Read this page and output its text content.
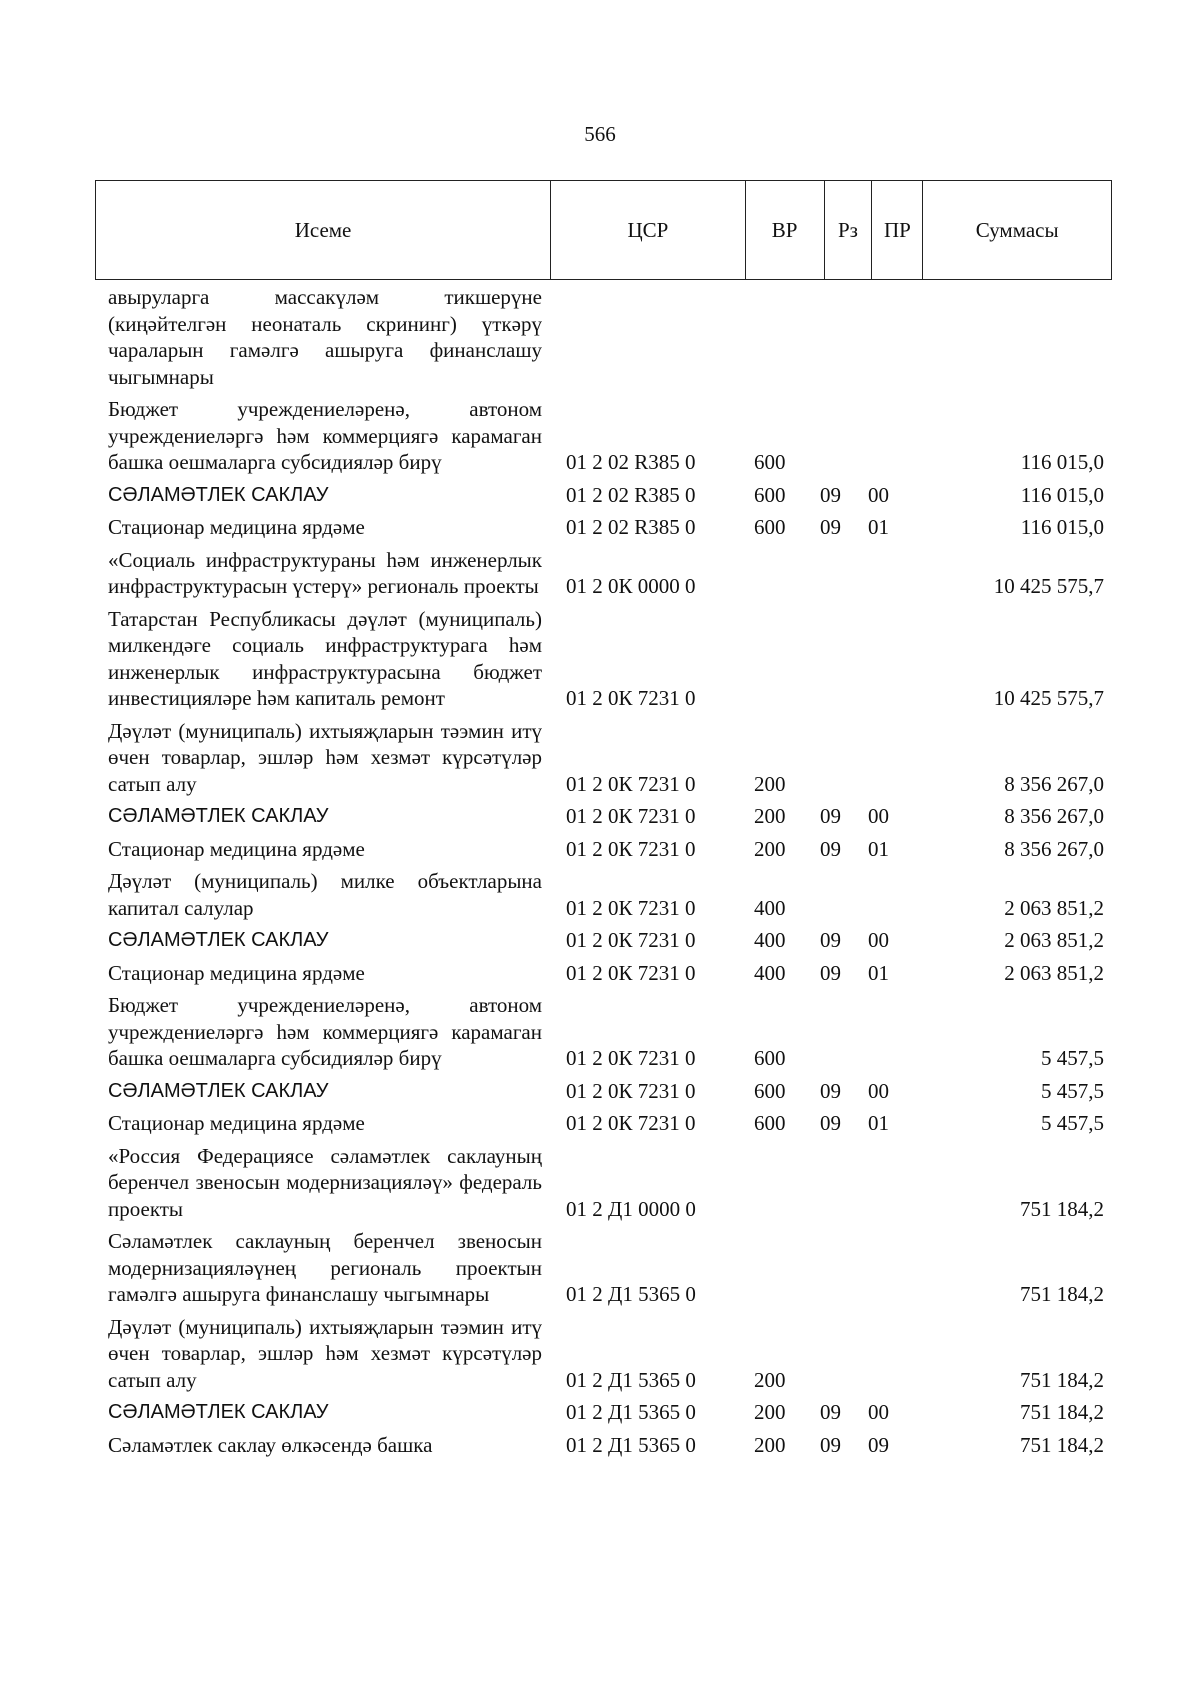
566
Исеме	ЦСР	ВР	Рз	ПР	Суммасы
авыруларга массакүләм тикшерүне (киңәйтелгән неонаталь скрининг) үткәрү чараларын гамәлгә ашыруга финанслашу чыгымнары
Бюджет учреждениеләренә, автоном учреждениеләргә һәм коммерциягә карамаган башка оешмаларга субсидияләр бирү	01 2 02 R385 0	600	116 015,0
СӘЛАМӘТЛЕК САКЛАУ	01 2 02 R385 0	600	09	00	116 015,0
Стационар медицина ярдәме	01 2 02 R385 0	600	09	01	116 015,0
«Социаль инфраструктураны һәм инженерлык инфраструктурасын үстерү» региональ проекты	01 2 0К 0000 0	10 425 575,7
Татарстан Республикасы дәүләт (муниципаль) милкендәге социаль инфраструктурага һәм инженерлык инфраструктурасына бюджет инвестицияләре һәм капиталь ремонт	01 2 0К 7231 0	10 425 575,7
Дәүләт (муниципаль) ихтыяҗларын тәэмин итү өчен товарлар, эшләр һәм хезмәт күрсәтүләр сатып алу	01 2 0К 7231 0	200	8 356 267,0
СӘЛАМӘТЛЕК САКЛАУ	01 2 0К 7231 0	200	09	00	8 356 267,0
Стационар медицина ярдәме	01 2 0К 7231 0	200	09	01	8 356 267,0
Дәүләт (муниципаль) милке объектларына капитал салулар	01 2 0К 7231 0	400	2 063 851,2
СӘЛАМӘТЛЕК САКЛАУ	01 2 0К 7231 0	400	09	00	2 063 851,2
Стационар медицина ярдәме	01 2 0К 7231 0	400	09	01	2 063 851,2
Бюджет учреждениеләренә, автоном учреждениеләргә һәм коммерциягә карамаган башка оешмаларга субсидияләр бирү	01 2 0К 7231 0	600	5 457,5
СӘЛАМӘТЛЕК САКЛАУ	01 2 0К 7231 0	600	09	00	5 457,5
Стационар медицина ярдәме	01 2 0К 7231 0	600	09	01	5 457,5
«Россия Федерациясе сәламәтлек саклауның беренчел звеносын модернизацияләү» федераль проекты	01 2 Д1 0000 0	751 184,2
Сәламәтлек саклауның беренчел звеносын модернизацияләүнең региональ проектын гамәлгә ашыруга финанслашу чыгымнары	01 2 Д1 5365 0	751 184,2
Дәүләт (муниципаль) ихтыяҗларын тәэмин итү өчен товарлар, эшләр һәм хезмәт күрсәтүләр сатып алу	01 2 Д1 5365 0	200	751 184,2
СӘЛАМӘТЛЕК САКЛАУ	01 2 Д1 5365 0	200	09	00	751 184,2
Сәламәтлек саклау өлкәсендә башка	01 2 Д1 5365 0	200	09	09	751 184,2
